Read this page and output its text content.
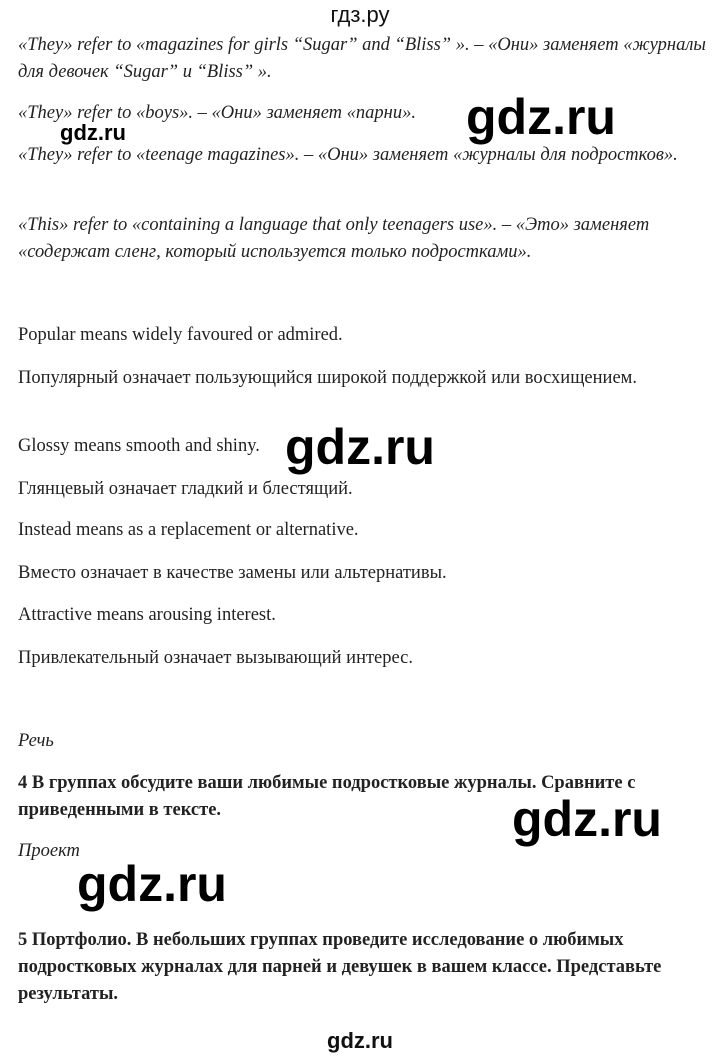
гдз.ру

«They» refer to «magazines for girls “Sugar” and “Bliss” ». – «Они» заменяет «журналы для девочек “Sugar” и “Bliss” ».

«They» refer to «boys». – «Они» заменяет «парни».

«They» refer to «teenage magazines». – «Они» заменяет «журналы для подростков».

«This» refer to «containing a language that only teenagers use». – «Это» заменяет «содержат сленг, который используется только подростками».

Popular means widely favoured or admired.

Популярный означает пользующийся широкой поддержкой или восхищением.

Glossy means smooth and shiny.

Глянцевый означает гладкий и блестящий.

Instead means as a replacement or alternative.

Вместо означает в качестве замены или альтернативы.

Attractive means arousing interest.

Привлекательный означает вызывающий интерес.

Речь

4 В группах обсудите ваши любимые подростковые журналы. Сравните с приведенными в тексте.

Проект

5 Портфолио. В небольших группах проведите исследование о любимых подростковых журналах для парней и девушек в вашем классе. Представьте результаты.

gdz.ru
gdz.ru
gdz.ru
gdz.ru
gdz.ru
gdz.ru
